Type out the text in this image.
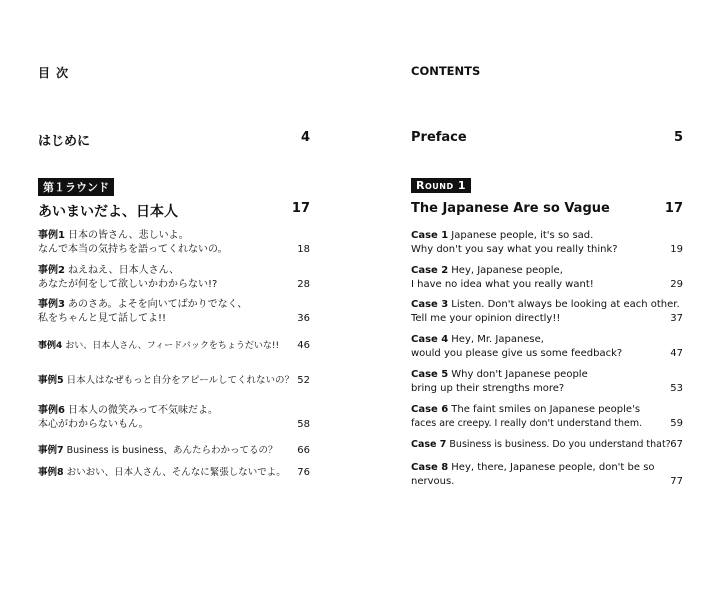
目 次
はじめに	4
第１ラウンド
あいまいだよ、日本人	17
事例1 日本の皆さん、悲しいよ。
なんで本当の気持ちを語ってくれないの。	18
事例2 ねえねえ、日本人さん、
あなたが何をして欲しいかわからない!?	28
事例3 あのさあ。よそを向いてばかりでなく、
私をちゃんと見て話してよ!!	36
事例4 おい、日本人さん、フィードバックをちょうだいな!!	46
事例5 日本人はなぜもっと自分をアピールしてくれないの？ 52
事例6 日本人の微笑みって不気味だよ。
本心がわからないもん。	58
事例7 Business is business、あんたらわかってるの？	66
事例8 おいおい、日本人さん、そんなに緊張しないでよ。	76
CONTENTS
Preface	5
Round 1
The Japanese Are so Vague	17
Case 1 Japanese people, it's so sad.
Why don't you say what you really think?	19
Case 2 Hey, Japanese people,
I have no idea what you really want!	29
Case 3 Listen. Don't always be looking at each other.
Tell me your opinion directly!!	37
Case 4 Hey, Mr. Japanese,
would you please give us some feedback?	47
Case 5 Why don't Japanese people
bring up their strengths more?	53
Case 6 The faint smiles on Japanese people's
faces are creepy. I really don't understand them.	59
Case 7 Business is business. Do you understand that? 67
Case 8 Hey, there, Japanese people, don't be so
nervous.	77
